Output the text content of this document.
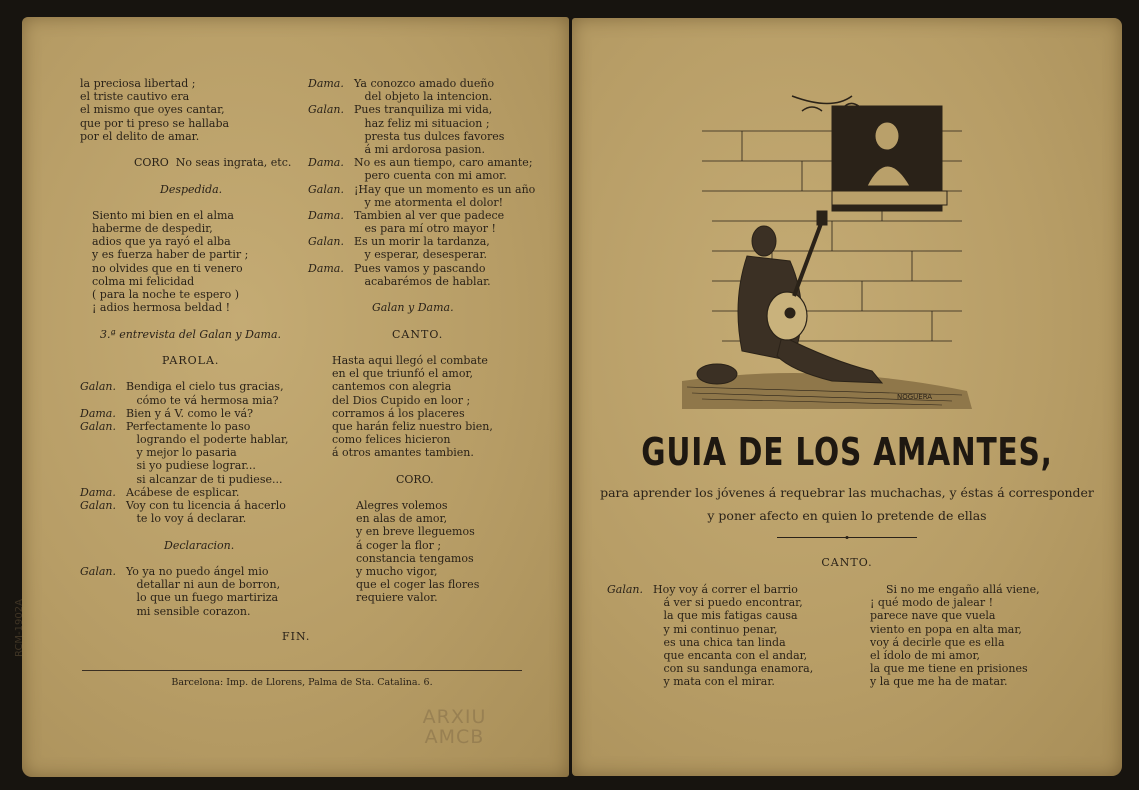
la preciosa libertad ;
el triste cautivo era
el mismo que oyes cantar,
que por ti preso se hallaba
por el delito de amar.
CORO  No seas ingrata, etc.
Despedida.
Siento mi bien en el alma
haberme de despedir,
adios que ya rayó el alba
y es fuerza haber de partir ;
no olvides que en ti venero
colma mi felicidad
( para la noche te espero )
¡ adios hermosa beldad !
3.ª entrevista del Galan y Dama.
PAROLA.
Galan. Bendiga el cielo tus gracias,
cómo te vá hermosa mia?
Dama. Bien y á V. como le vá?
Galan. Perfectamente lo paso
logrando el poderte hablar,
y mejor lo pasaria
si yo pudiese lograr...
si alcanzar de ti pudiese...
Dama. Acábese de esplicar.
Galan. Voy con tu licencia á hacerlo
te lo voy á declarar.
Declaracion.
Galan. Yo ya no puedo ángel mio
detallar ni aun de borron,
lo que un fuego martiriza
mi sensible corazon.
Dama. Ya conozco amado dueño
del objeto la intencion.
Galan. Pues tranquiliza mi vida,
haz feliz mi situacion ;
presta tus dulces favores
á mi ardorosa pasion.
Dama. No es aun tiempo, caro amante;
pero cuenta con mi amor.
Galan. ¡Hay que un momento es un año
y me atormenta el dolor!
Dama. Tambien al ver que padece
es para mí otro mayor !
Galan. Es un morir la tardanza,
y esperar, desesperar.
Dama. Pues vamos y pascando
acabarémos de hablar.
Galan y Dama.
CANTO.
Hasta aqui llegó el combate
en el que triunfó el amor,
cantemos con alegria
del Dios Cupido en loor ;
corramos á los placeres
que harán feliz nuestro bien,
como felices hicieron
á otros amantes tambien.
CORO.
Alegres volemos
en alas de amor,
y en breve lleguemos
á coger la flor ;
constancia tengamos
y mucho vigor,
que el coger las flores
requiere valor.
FIN.
Barcelona: Imp. de Llorens, Palma de Sta. Catalina. 6.
ARXIU
AMCB
RCM-1902A
NOGUERA
GUIA DE LOS AMANTES,
para aprender los jóvenes á requebrar las muchachas, y éstas á corresponder
y poner afecto en quien lo pretende de ellas
CANTO.
Galan. Hoy voy á correr el barrio
á ver si puedo encontrar,
la que mis fatigas causa
y mi continuo penar,
es una chica tan linda
que encanta con el andar,
con su sandunga enamora,
y mata con el mirar.
Si no me engaño allá viene,
¡ qué modo de jalear !
parece nave que vuela
viento en popa en alta mar,
voy á decirle que es ella
el ídolo de mi amor,
la que me tiene en prisiones
y la que me ha de matar.
